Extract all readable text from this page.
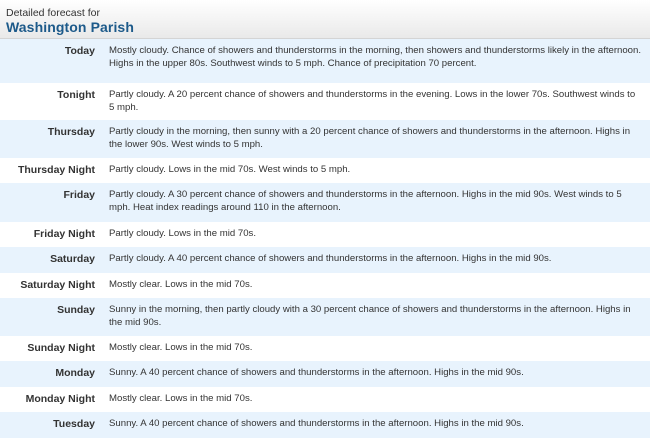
Detailed forecast for
Washington Parish
Today Mostly cloudy. Chance of showers and thunderstorms in the morning, then showers and thunderstorms likely in the afternoon. Highs in the upper 80s. Southwest winds to 5 mph. Chance of precipitation 70 percent.
Tonight Partly cloudy. A 20 percent chance of showers and thunderstorms in the evening. Lows in the lower 70s. Southwest winds to 5 mph.
Thursday Partly cloudy in the morning, then sunny with a 20 percent chance of showers and thunderstorms in the afternoon. Highs in the lower 90s. West winds to 5 mph.
Thursday Night Partly cloudy. Lows in the mid 70s. West winds to 5 mph.
Friday Partly cloudy. A 30 percent chance of showers and thunderstorms in the afternoon. Highs in the mid 90s. West winds to 5 mph. Heat index readings around 110 in the afternoon.
Friday Night Partly cloudy. Lows in the mid 70s.
Saturday Partly cloudy. A 40 percent chance of showers and thunderstorms in the afternoon. Highs in the mid 90s.
Saturday Night Mostly clear. Lows in the mid 70s.
Sunday Sunny in the morning, then partly cloudy with a 30 percent chance of showers and thunderstorms in the afternoon. Highs in the mid 90s.
Sunday Night Mostly clear. Lows in the mid 70s.
Monday Sunny. A 40 percent chance of showers and thunderstorms in the afternoon. Highs in the mid 90s.
Monday Night Mostly clear. Lows in the mid 70s.
Tuesday Sunny. A 40 percent chance of showers and thunderstorms in the afternoon. Highs in the mid 90s.
